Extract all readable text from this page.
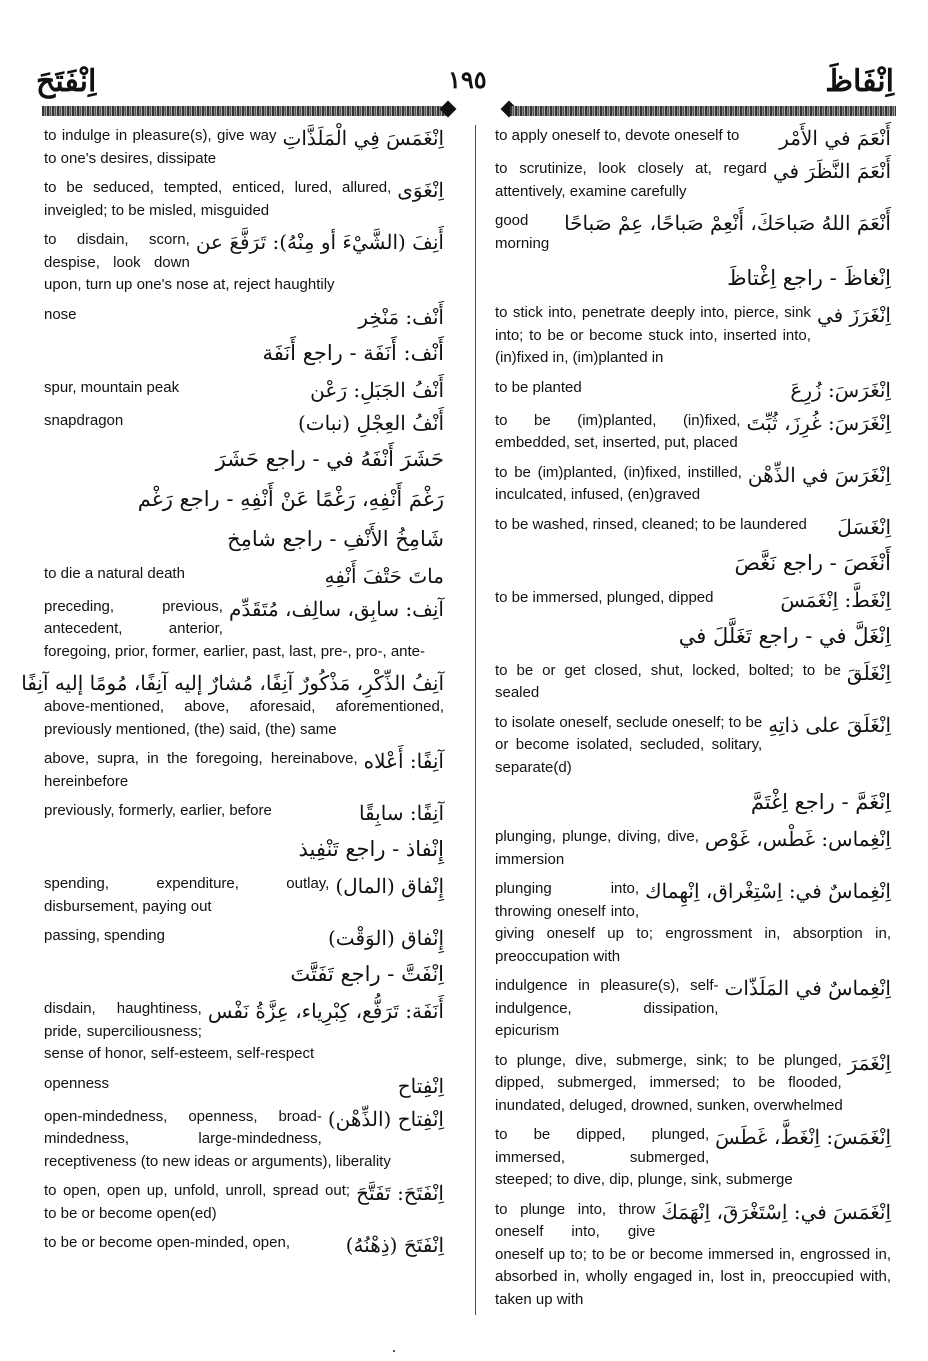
اِنْفَتَحَ	١٩٥	اِنْفَاظَ
اِنْغَمَسَ فِي الْمَلَذَّاتِ
to indulge in pleasure(s), give way to one's desires, dissipate
اِنْغَوَى
to be seduced, tempted, enticed, lured, allured, inveigled; to be misled, misguided
أَنِفَ (الشَّيْءَ أو مِنْهُ): تَرَفَّعَ عن
to disdain, scorn, despise, look down upon, turn up one's nose at, reject haughtily
أَنْف: مَنْخِر
nose
أَنْف: أَنَفَة - راجع أَنَفَة
أَنْفُ الجَبَلِ: رَعْن
spur, mountain peak
أَنْفُ العِجْلِ (نبات)
snapdragon
حَشَرَ أَنْفَهُ في - راجع حَشَرَ
رَغْمَ أَنْفِهِ، رَغْمًا عَنْ أَنْفِهِ - راجع رَغْم
شَامِخُ الأَنْفِ - راجع شامِخ
ماتَ حَتْفَ أَنْفِهِ
to die a natural death
آنِف: سابِق، سالِف، مُتَقَدِّم
preceding, previous, antecedent, anterior, foregoing, prior, former, earlier, past, last, pre-, pro-, ante-
آنِفُ الذِّكْرِ، مَذْكُورٌ آنِفًا، مُشارٌ إليه آنِفًا، مُومًا إليه آنِفًا
above-mentioned, above, aforesaid, aforementioned, previously mentioned, (the) said, (the) same
آنِفًا: أَعْلاه
above, supra, in the foregoing, hereinabove, hereinbefore
آنِفًا: سابِقًا
previously, formerly, earlier, before
إِنْفاذ - راجع تَنْفِيذ
إِنْفاق (المال)
spending, expenditure, outlay, disbursement, paying out
إِنْفاق (الوَقْت)
passing, spending
اِنْفَتَّ - راجع تَفَتَّتَ
أَنَفَة: تَرَفُّع، كِبْرِياء، عِزَّةُ نَفْس
disdain, haughtiness, pride, superciliousness; sense of honor, self-esteem, self-respect
اِنْفِتاح
openness
اِنْفِتاح (الذِّهْن)
open-mindedness, openness, broad-mindedness, large-mindedness, receptiveness (to new ideas or arguments), liberality
اِنْفَتَحَ: تَفَتَّحَ
to open, open up, unfold, unroll, spread out; to be or become open(ed)
اِنْفَتَحَ (ذِهْنُهُ)
to be or become open-minded, open,
أَنْعَمَ في الأَمْر
to apply oneself to, devote oneself to
أَنْعَمَ النَّظَرَ في
to scrutinize, look closely at, regard attentively, examine carefully
أَنْعَمَ اللهُ صَباحَكَ، أَنْعِمْ صَباحًا، عِمْ صَباحًا
good morning
اِنْغاظَ - راجع اِغْتاظَ
اِنْغَرَزَ في
to stick into, penetrate deeply into, pierce, sink into; to be or become stuck into, inserted into, (in)fixed in, (im)planted in
اِنْغَرَسَ: زُرِعَ
to be planted
اِنْغَرَسَ: غُرِزَ، ثُبِّتَ
to be (im)planted, (in)fixed, embedded, set, inserted, put, placed
اِنْغَرَسَ في الذِّهْن
to be (im)planted, (in)fixed, instilled, inculcated, infused, (en)graved
اِنْغَسَلَ
to be washed, rinsed, cleaned; to be laundered
أَنْغَصَ - راجع نَغَّصَ
اِنْغَطَّ: اِنْغَمَسَ
to be immersed, plunged, dipped
اِنْغَلَّ في - راجع تَغَلَّلَ في
اِنْغَلَقَ
to be or get closed, shut, locked, bolted; to be sealed
اِنْغَلَقَ على ذاتِهِ
to isolate oneself, seclude oneself; to be or become isolated, secluded, solitary, separate(d)
اِنْغَمَّ - راجع اِغْتَمَّ
اِنْغِماس: غَطْس، غَوْص
plunging, plunge, diving, dive, immersion
اِنْغِماسٌ في: اِسْتِغْراق، اِنْهِماك
plunging into, throwing oneself into, giving oneself up to; engrossment in, absorption in, preoccupation with
اِنْغِماسٌ في المَلَذّات
indulgence in pleasure(s), self-indulgence, dissipation, epicurism
اِنْغَمَرَ
to plunge, dive, submerge, sink; to be plunged, dipped, submerged, immersed; to be flooded, inundated, deluged, drowned, sunken, overwhelmed
اِنْغَمَسَ: اِنْغَطَّ، غَطَسَ
to be dipped, plunged, immersed, submerged, steeped; to dive, dip, plunge, sink, submerge
اِنْغَمَسَ في: اِسْتَغْرَقَ، اِنْهَمَكَ
to plunge into, throw oneself into, give oneself up to; to be or become immersed in, engrossed in, absorbed in, wholly engaged in, lost in, preoccupied with, taken up with
